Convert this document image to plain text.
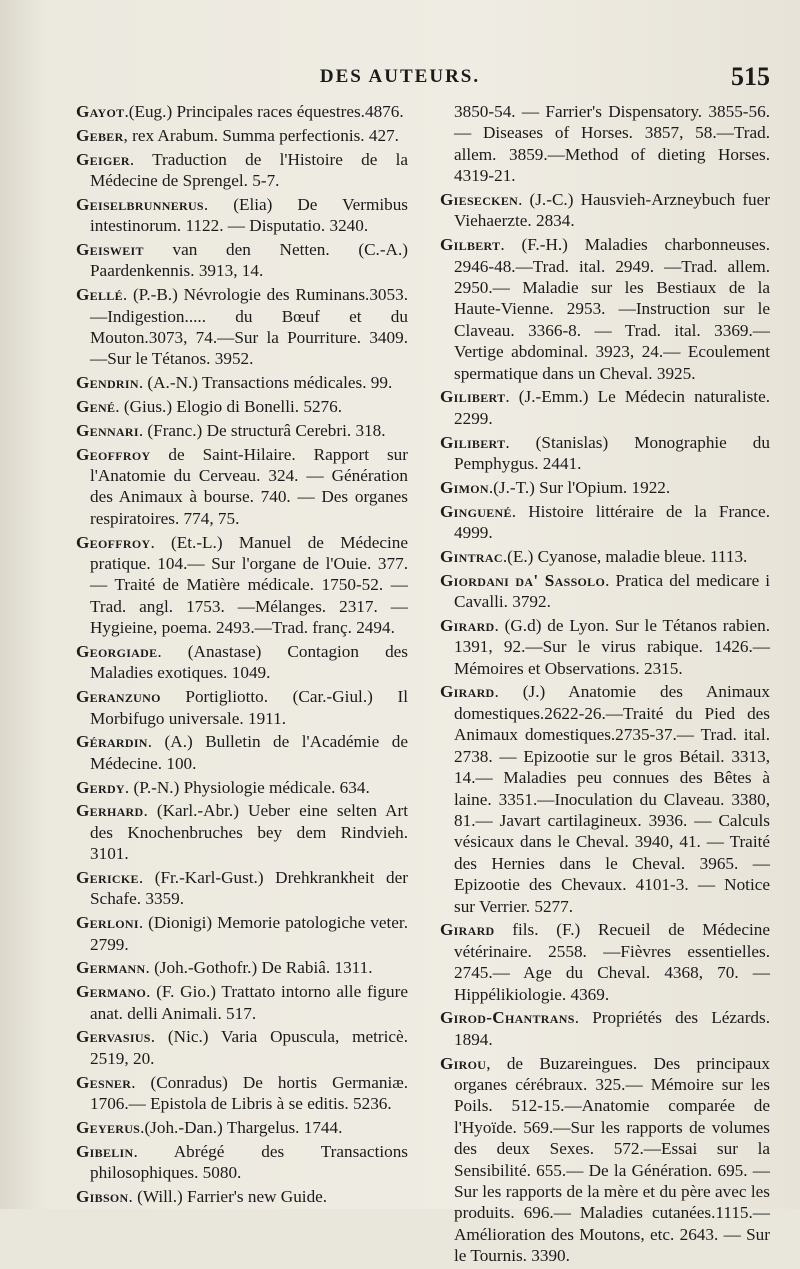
DES AUTEURS.	515

Gayot.(Eug.) Principales races équestres.4876.

Geber, rex Arabum. Summa perfectionis. 427.

Geiger. Traduction de l'Histoire de la Médecine de Sprengel. 5-7.

Geiselbrunnerus. (Elia) De Vermibus intestinorum. 1122. — Disputatio. 3240.

Geisweit van den Netten. (C.-A.) Paardenkennis. 3913, 14.

Gellé. (P.-B.) Névrologie des Ruminans.3053.—Indigestion..... du Bœuf et du Mouton.3073, 74.—Sur la Pourriture. 3409.—Sur le Tétanos. 3952.

Gendrin. (A.-N.) Transactions médicales. 99.

Gené. (Gius.) Elogio di Bonelli. 5276.

Gennari. (Franc.) De structurâ Cerebri. 318.

Geoffroy de Saint-Hilaire. Rapport sur l'Anatomie du Cerveau. 324. — Génération des Animaux à bourse. 740. — Des organes respiratoires. 774, 75.

Geoffroy. (Et.-L.) Manuel de Médecine pratique. 104.— Sur l'organe de l'Ouie. 377. — Traité de Matière médicale. 1750-52. — Trad. angl. 1753. —Mélanges. 2317. —Hygieine, poema. 2493.—Trad. franç. 2494.

Georgiade. (Anastase) Contagion des Maladies exotiques. 1049.

Geranzuno Portigliotto. (Car.-Giul.) Il Morbifugo universale. 1911.

Gérardin. (A.) Bulletin de l'Académie de Médecine. 100.

Gerdy. (P.-N.) Physiologie médicale. 634.

Gerhard. (Karl.-Abr.) Ueber eine selten Art des Knochenbruches bey dem Rindvieh. 3101.

Gericke. (Fr.-Karl-Gust.) Drehkrankheit der Schafe. 3359.

Gerloni. (Dionigi) Memorie patologiche veter. 2799.

Germann. (Joh.-Gothofr.) De Rabiâ. 1311.

Germano. (F. Gio.) Trattato intorno alle figure anat. delli Animali. 517.

Gervasius. (Nic.) Varia Opuscula, metricè. 2519, 20.

Gesner. (Conradus) De hortis Germaniæ. 1706.— Epistola de Libris à se editis. 5236.

Geyerus.(Joh.-Dan.) Thargelus. 1744.

Gibelin. Abrégé des Transactions philosophiques. 5080.

Gibson. (Will.) Farrier's new Guide.

3850-54. — Farrier's Dispensatory. 3855-56.— Diseases of Horses. 3857, 58.—Trad. allem. 3859.—Method of dieting Horses. 4319-21.

Giesecken. (J.-C.) Hausvieh-Arzneybuch fuer Viehaerzte. 2834.

Gilbert. (F.-H.) Maladies charbonneuses. 2946-48.—Trad. ital. 2949. —Trad. allem. 2950.— Maladie sur les Bestiaux de la Haute-Vienne. 2953. —Instruction sur le Claveau. 3366-8. — Trad. ital. 3369.—Vertige abdominal. 3923, 24.— Ecoulement spermatique dans un Cheval. 3925.

Gilibert. (J.-Emm.) Le Médecin naturaliste. 2299.

Gilibert. (Stanislas) Monographie du Pemphygus. 2441.

Gimon.(J.-T.) Sur l'Opium. 1922.

Ginguené. Histoire littéraire de la France. 4999.

Gintrac.(E.) Cyanose, maladie bleue. 1113.

Giordani da' Sassolo. Pratica del medicare i Cavalli. 3792.

Girard. (G.d) de Lyon. Sur le Tétanos rabien. 1391, 92.—Sur le virus rabique. 1426.— Mémoires et Observations. 2315.

Girard. (J.) Anatomie des Animaux domestiques.2622-26.—Traité du Pied des Animaux domestiques.2735-37.— Trad. ital. 2738. — Epizootie sur le gros Bétail. 3313, 14.— Maladies peu connues des Bêtes à laine. 3351.—Inoculation du Claveau. 3380, 81.— Javart cartilagineux. 3936. — Calculs vésicaux dans le Cheval. 3940, 41. — Traité des Hernies dans le Cheval. 3965. — Epizootie des Chevaux. 4101-3. — Notice sur Verrier. 5277.

Girard fils. (F.) Recueil de Médecine vétérinaire. 2558. —Fièvres essentielles. 2745.— Age du Cheval. 4368, 70. — Hippélikiologie. 4369.

Girod-Chantrans. Propriétés des Lézards. 1894.

Girou, de Buzareingues. Des principaux organes cérébraux. 325.— Mémoire sur les Poils. 512-15.—Anatomie comparée de l'Hyoïde. 569.—Sur les rapports de volumes des deux Sexes. 572.—Essai sur la Sensibilité. 655.— De la Génération. 695. — Sur les rapports de la mère et du père avec les produits. 696.— Maladies cutanées.1115.—Amélioration des Moutons, etc. 2643. — Sur le Tournis. 3390.
